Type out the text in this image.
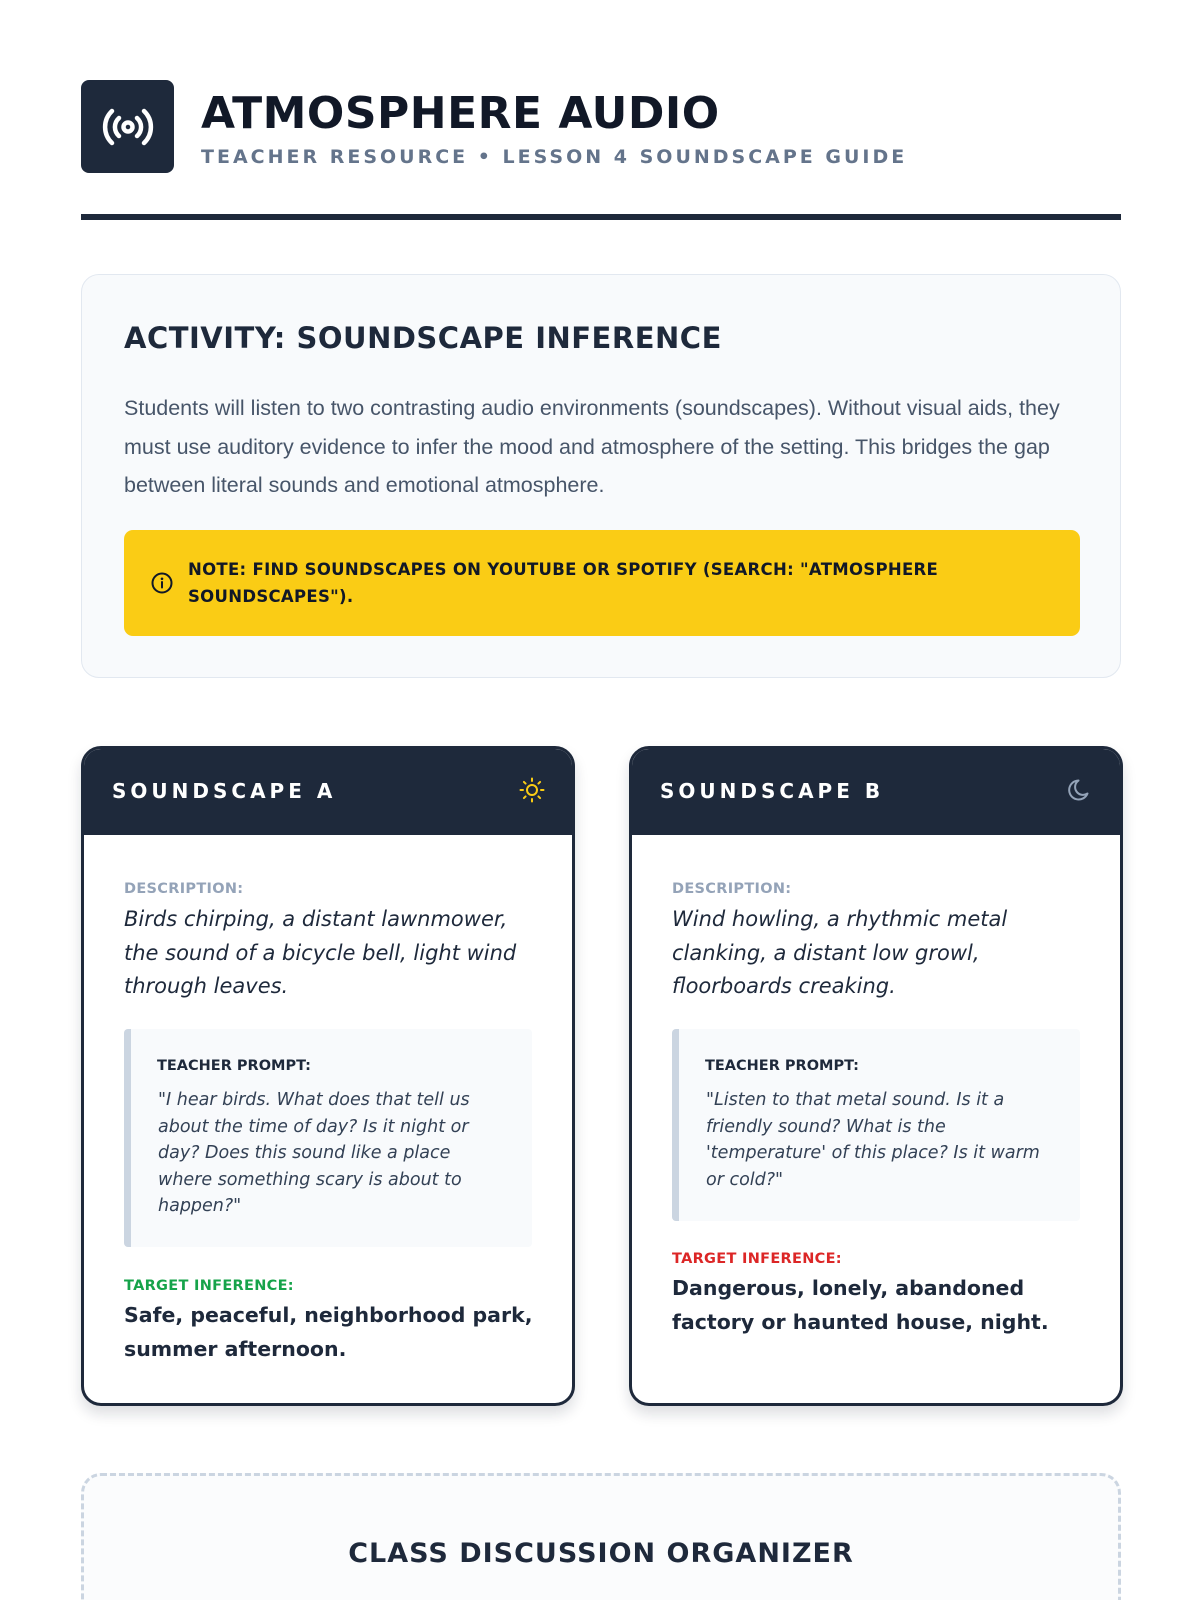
ATMOSPHERE AUDIO
TEACHER RESOURCE • LESSON 4 SOUNDSCAPE GUIDE
ACTIVITY: SOUNDSCAPE INFERENCE
Students will listen to two contrasting audio environments (soundscapes). Without visual aids, they must use auditory evidence to infer the mood and atmosphere of the setting. This bridges the gap between literal sounds and emotional atmosphere.
NOTE: FIND SOUNDSCAPES ON YOUTUBE OR SPOTIFY (SEARCH: "ATMOSPHERE SOUNDSCAPES").
SOUNDSCAPE A
DESCRIPTION:
Birds chirping, a distant lawnmower, the sound of a bicycle bell, light wind through leaves.
TEACHER PROMPT:
"I hear birds. What does that tell us about the time of day? Is it night or day? Does this sound like a place where something scary is about to happen?"
TARGET INFERENCE:
Safe, peaceful, neighborhood park, summer afternoon.
SOUNDSCAPE B
DESCRIPTION:
Wind howling, a rhythmic metal clanking, a distant low growl, floorboards creaking.
TEACHER PROMPT:
"Listen to that metal sound. Is it a friendly sound? What is the 'temperature' of this place? Is it warm or cold?"
TARGET INFERENCE:
Dangerous, lonely, abandoned factory or haunted house, night.
CLASS DISCUSSION ORGANIZER
